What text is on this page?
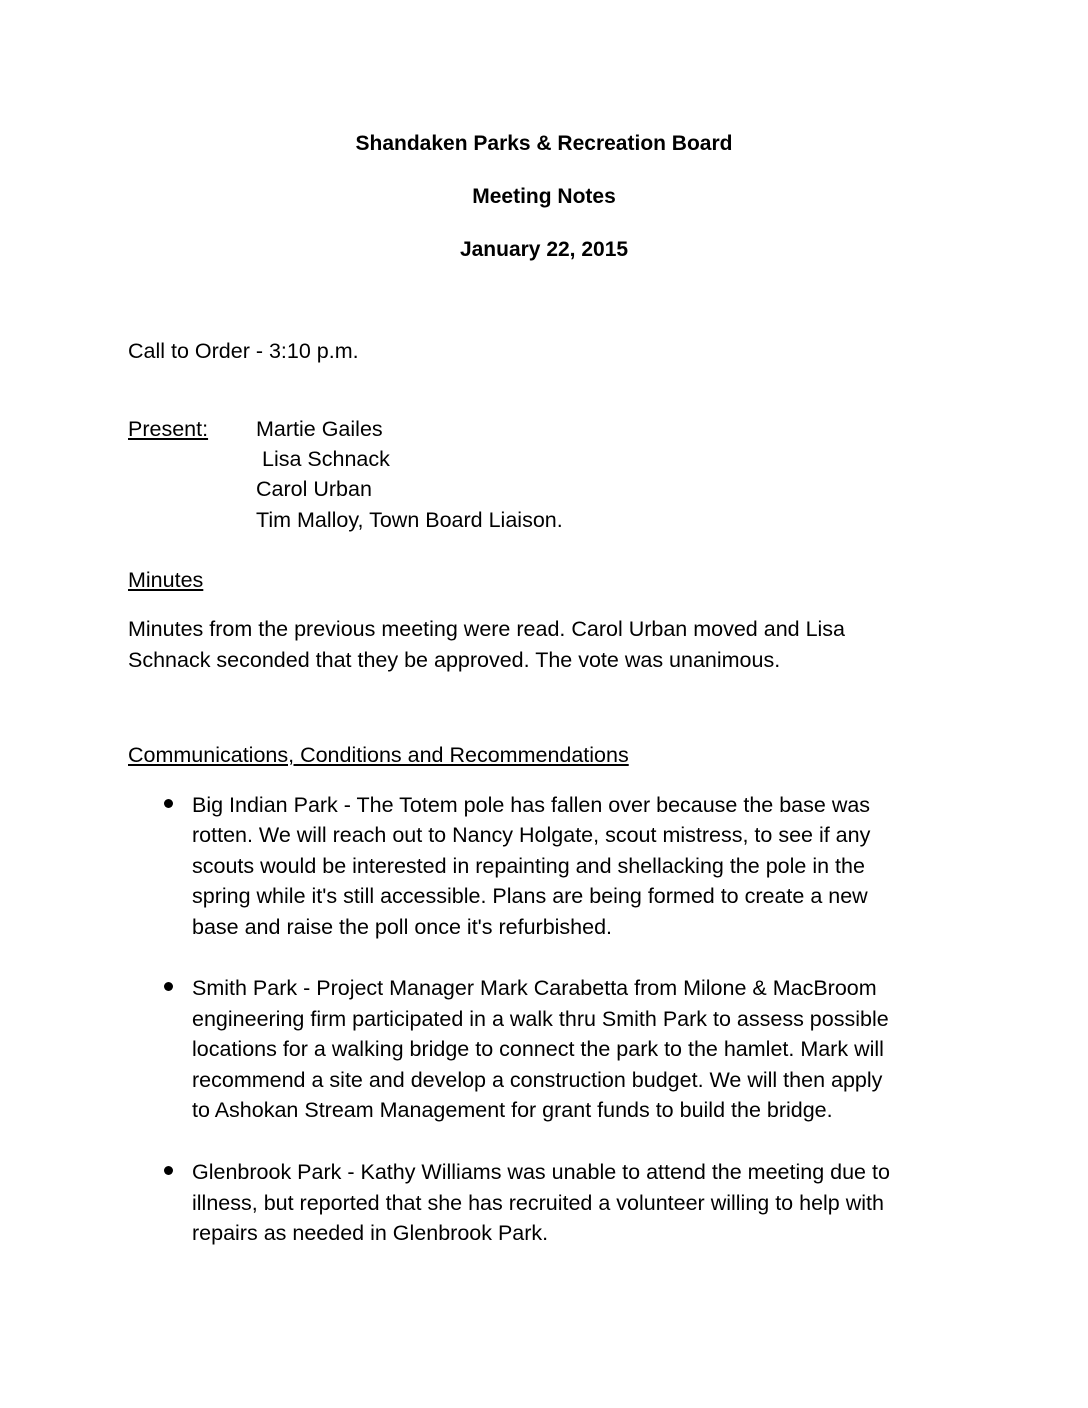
Shandaken Parks & Recreation Board
Meeting Notes
January 22, 2015
Call to Order - 3:10 p.m.
Present: Martie Gailes
Lisa Schnack
Carol Urban
Tim Malloy, Town Board Liaison.
Minutes
Minutes from the previous meeting were read. Carol Urban moved and Lisa
Schnack seconded that they be approved. The vote was unanimous.
Communications, Conditions and Recommendations
Big Indian Park - The Totem pole has fallen over because the base was
rotten. We will reach out to Nancy Holgate, scout mistress, to see if any
scouts would be interested in repainting and shellacking the pole in the
spring while it's still accessible. Plans are being formed to create a new
base and raise the poll once it's refurbished.
Smith Park - Project Manager Mark Carabetta from Milone & MacBroom
engineering firm participated in a walk thru Smith Park to assess possible
locations for a walking bridge to connect the park to the hamlet. Mark will
recommend a site and develop a construction budget. We will then apply
to Ashokan Stream Management for grant funds to build the bridge.
Glenbrook Park - Kathy Williams was unable to attend the meeting due to
illness, but reported that she has recruited a volunteer willing to help with
repairs as needed in Glenbrook Park.
